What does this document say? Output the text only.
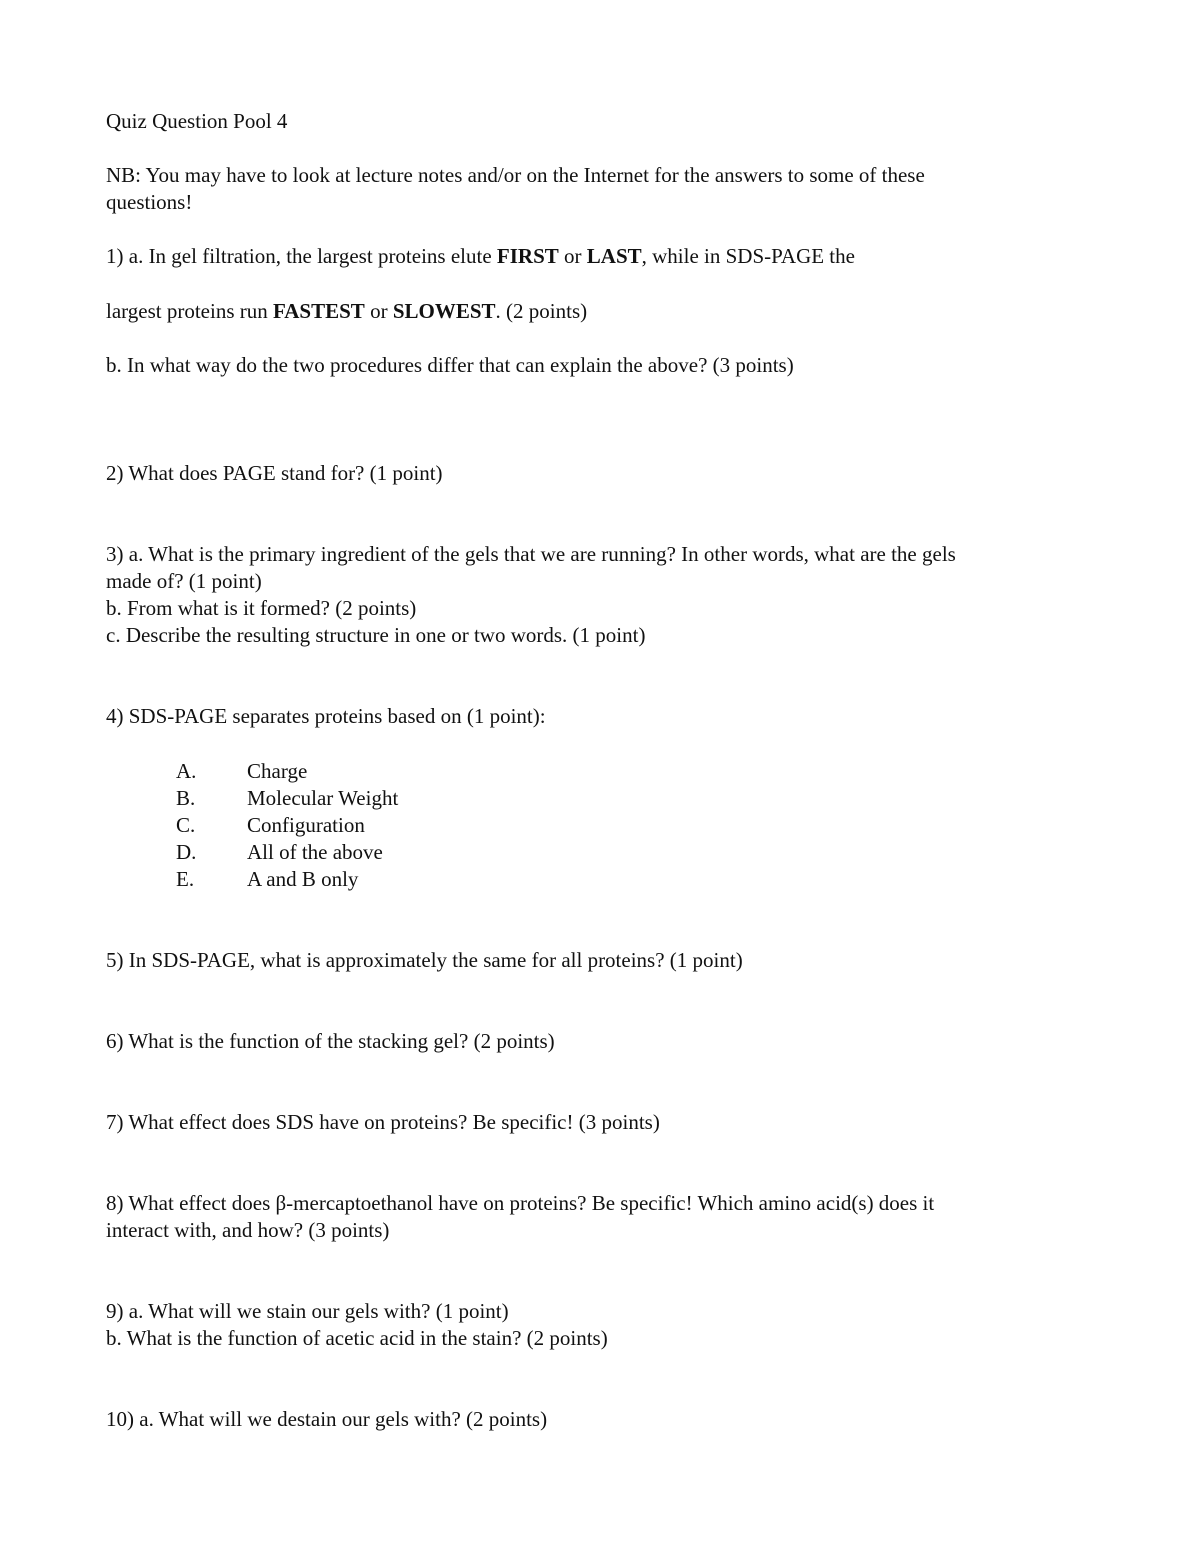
Quiz Question Pool 4

NB: You may have to look at lecture notes and/or on the Internet for the answers to some of these

questions!

1) a. In gel filtration, the largest proteins elute FIRST or LAST, while in SDS-PAGE the

largest proteins run FASTEST or SLOWEST. (2 points)

b. In what way do the two procedures differ that can explain the above? (3 points)

2) What does PAGE stand for? (1 point)

3) a. What is the primary ingredient of the gels that we are running? In other words, what are the gels

made of? (1 point)

b. From what is it formed? (2 points)

c. Describe the resulting structure in one or two words. (1 point)

4) SDS-PAGE separates proteins based on (1 point):

A. Charge
B. Molecular Weight
C. Configuration
D. All of the above
E.	A and B only

5) In SDS-PAGE, what is approximately the same for all proteins? (1 point)

6) What is the function of the stacking gel? (2 points)

7) What effect does SDS have on proteins? Be specific! (3 points)

8) What effect does β-mercaptoethanol have on proteins? Be specific! Which amino acid(s) does it

interact with, and how? (3 points)

9) a. What will we stain our gels with? (1 point)

b. What is the function of acetic acid in the stain? (2 points)

10) a. What will we destain our gels with? (2 points)
